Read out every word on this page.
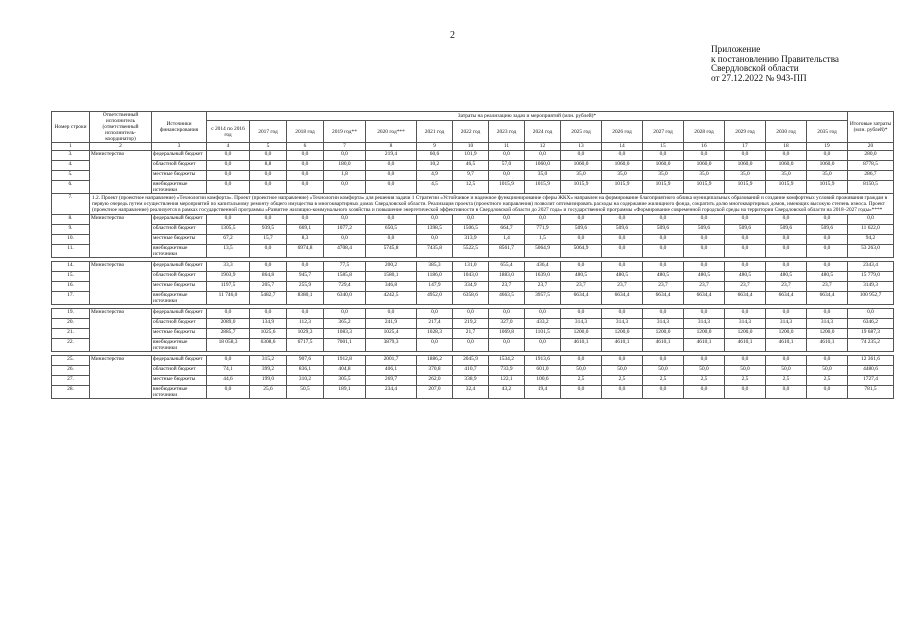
2
Приложение
к постановлению Правительства
Свердловской области
от 27.12.2022 № 943-ПП
Номер строки	Ответственный исполнитель (ответственный исполнитель-координатор)	Источники финансирования	Затраты на реализацию задач и мероприятий (млн. рублей)*																Итоговые затраты (млн. рублей)*
			с 2014 по 2016 год	2017 год	2018 год	2019 год**	2020 год***	2021 год	2022 год	2023 год	2024 год	2025 год	2026 год	2027 год	2028 год	2029 год	2030 год	2035 год	
1	2	3	4	5	6	7	8	9	10	11	12	13	14	15	16	17	18	19	20
3.	Министерство	федеральный бюджет	0,0	0,0	0,0	0,0	219,4	60,6	101,9	0,0	0,0	0,0	0,0	0,0	0,0	0,0	0,0	0,0	280,0
4.		областной бюджет	0,0	8,8	0,0	180,0	0,0	10,2	46,5	57,0	1060,0	1060,0	1060,0	1060,0	1060,0	1060,0	1060,0	1060,0	8778,5
5.		местные бюджеты	0,0	0,0	0,0	1,8	0,0	4,9	9,7	0,0	35,0	35,0	35,0	35,0	35,0	35,0	35,0	35,0	286,7
6.		внебюджетные источники	0,0	0,0	0,0	0,0	0,0	4,5	12,5	1015,9	1015,9	1015,9	1015,9	1015,9	1015,9	1015,9	1015,9	1015,9	8150,5
7.	1.2. Проект (проектное направление) «Технологии комфорта». Проект (проектное направление) «Технологии комфорта» для решения задачи 1 Стратегии «Устойчивое и надежное функционирование сферы ЖКХ» направлен на формирование благоприятного облика муниципальных образований и создание комфортных условий проживания граждан в первую очередь путем осуществления мероприятий по капитальному ремонту общего имущества в многоквартирных домах Свердловской области. Реализация проекта (проектного направления) позволит оптимизировать расходы на содержание жилищного фонда, сократить долю многоквартирных домов, имеющих высокую степень износа. Проект (проектное направление) реализуется в рамках государственной программы «Развитие жилищно-коммунального хозяйства и повышение энергетической эффективности в Свердловской области до 2027 года» и государственной программы «Формирование современной городской среды на территории Свердловской области на 2018–2027 годы»****																		
8.	Министерство	федеральный бюджет	0,0	0,0	0,0	0,0	0,0	0,0	0,0	0,0	0,0	0,0	0,0	0,0	0,0	0,0	0,0	0,0	0,0
9.		областной бюджет	1305,5	939,5	669,1	1077,2	650,5	1398,5	1506,5	664,7	771,9	509,6	509,6	509,6	509,6	509,6	509,6	509,6	11 622,0
10.		местные бюджеты	67,2	15,7	8,3	0,0	0,0	0,0	313,9	1,4	1,5	0,0	0,0	0,0	0,0	0,0	0,0	0,0	94,2
11.		внебюджетные источники	13,5	0,0	6974,8	4708,4	5745,8	7435,8	5522,5	8561,7	5064,9	5064,9	0,0	0,0	0,0	0,0	0,0	0,0	53 263,0

14.	Министерство	федеральный бюджет	33,3	0,0	0,0	77,5	200,2	385,3	131,0	655,4	436,4	0,0	0,0	0,0	0,0	0,0	0,0	0,0	2343,4
15.		областной бюджет	1903,9	864,8	945,7	1585,8	1580,1	1186,0	1043,0	1883,0	1639,0	480,5	480,5	480,5	480,5	480,5	480,5	480,5	15 779,0
16.		местные бюджеты	1197,5	205,7	255,9	729,4	346,8	147,9	334,9	23,7	23,7	23,7	23,7	23,7	23,7	23,7	23,7	23,7	3149,3
17.		внебюджетные источники	11 746,0	5482,7	8380,1	6340,0	4242,5	4952,0	6358,6	4663,5	3957,5	6634,4	6634,4	6634,4	6634,4	6634,4	6634,4	6634,4	100 952,7

19.	Министерство	федеральный бюджет	0,0	0,0	0,0	0,0	0,0	0,0	0,0	0,0	0,0	0,0	0,0	0,0	0,0	0,0	0,0	0,0	0,0
20.		областной бюджет	2089,0	134,9	112,3	365,2	241,9	217,4	219,2	327,0	433,2	314,3	314,3	314,3	314,3	314,3	314,3	314,3	6346,2
21.		местные бюджеты	2885,7	1025,6	1029,3	1083,3	1025,4	1028,3	21,7	1069,8	1101,5	1200,0	1200,0	1200,0	1200,0	1200,0	1200,0	1200,0	19 687,3
22.		внебюджетные источники	18 058,3	6308,6	6717,5	7001,1	3879,3	0,0	0,0	0,0	0,0	4610,1	4610,1	4610,1	4610,1	4610,1	4610,1	4610,1	74 235,2

25.	Министерство	федеральный бюджет	0,0	315,2	907,6	1912,8	2001,7	1886,2	2045,9	1534,2	1913,6	0,0	0,0	0,0	0,0	0,0	0,0	0,0	12 361,6
26.		областной бюджет	74,1	399,2	836,1	404,8	406,1	370,8	410,7	733,9	601,0	50,0	50,0	50,0	50,0	50,0	50,0	50,0	4480,6
27.		местные бюджеты	44,6	199,0	310,2	305,5	269,7	262,0	338,9	122,1	100,6	2,5	2,5	2,5	2,5	2,5	2,5	2,5	1727,4
28.		внебюджетные источники	0,0	25,6	50,5	189,1	234,4	207,0	32,4	43,2	19,4	0,0	0,0	0,0	0,0	0,0	0,0	0,0	781,5
